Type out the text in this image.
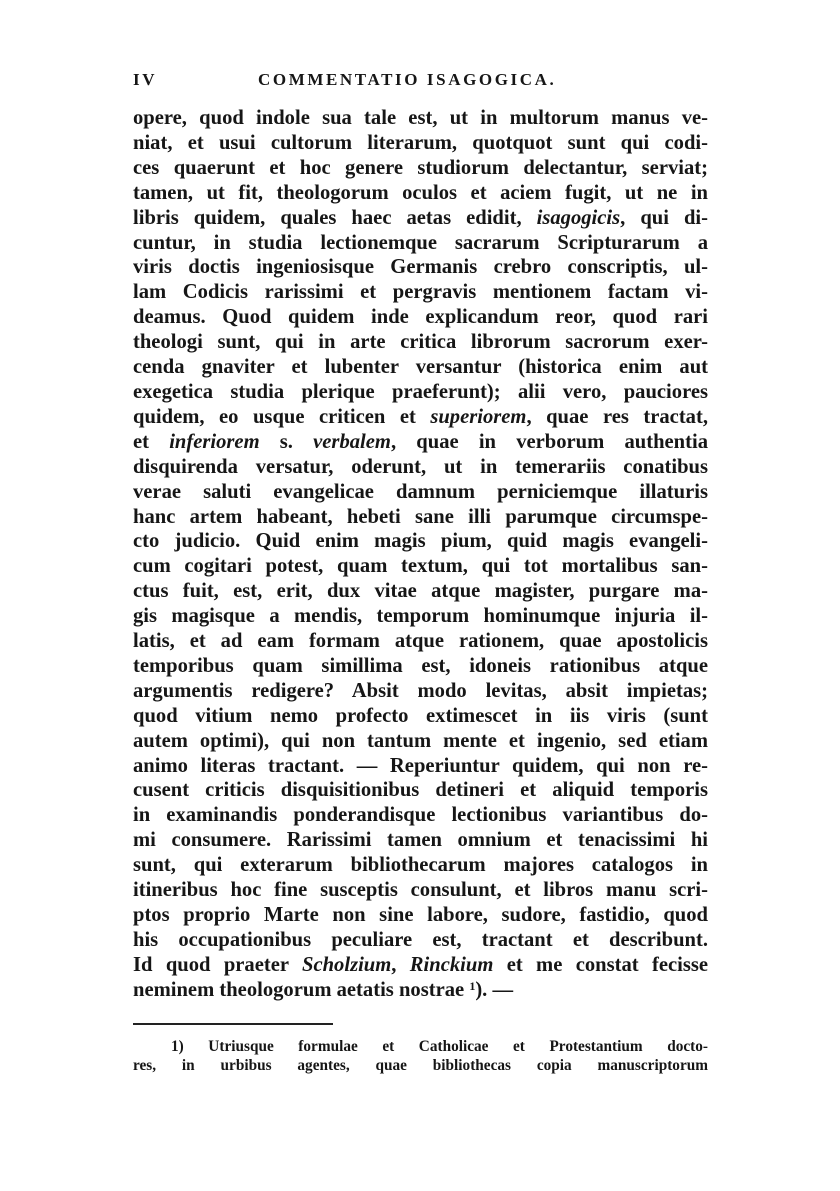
IV	COMMENTATIO ISAGOGICA.
opere, quod indole sua tale est, ut in multorum manus ve-
niat, et usui cultorum literarum, quotquot sunt qui codi-
ces quaerunt et hoc genere studiorum delectantur, serviat;
tamen, ut fit, theologorum oculos et aciem fugit, ut ne in
libris quidem, quales haec aetas edidit, isagogicis, qui di-
cuntur, in studia lectionemque sacrarum Scripturarum a
viris doctis ingeniosisque Germanis crebro conscriptis, ul-
lam Codicis rarissimi et pergravis mentionem factam vi-
deamus. Quod quidem inde explicandum reor, quod rari
theologi sunt, qui in arte critica librorum sacrorum exer-
cenda gnaviter et lubenter versantur (historica enim aut
exegetica studia plerique praeferunt); alii vero, pauciores
quidem, eo usque criticen et superiorem, quae res tractat,
et inferiorem s. verbalem, quae in verborum authentia
disquirenda versatur, oderunt, ut in temerariis conatibus
verae saluti evangelicae damnum perniciemque illaturis
hanc artem habeant, hebeti sane illi parumque circumspe-
cto judicio. Quid enim magis pium, quid magis evangeli-
cum cogitari potest, quam textum, qui tot mortalibus san-
ctus fuit, est, erit, dux vitae atque magister, purgare ma-
gis magisque a mendis, temporum hominumque injuria il-
latis, et ad eam formam atque rationem, quae apostolicis
temporibus quam simillima est, idoneis rationibus atque
argumentis redigere? Absit modo levitas, absit impietas;
quod vitium nemo profecto extimescet in iis viris (sunt
autem optimi), qui non tantum mente et ingenio, sed etiam
animo literas tractant. — Reperiuntur quidem, qui non re-
cusent criticis disquisitionibus detineri et aliquid temporis
in examinandis ponderandisque lectionibus variantibus do-
mi consumere. Rarissimi tamen omnium et tenacissimi hi
sunt, qui exterarum bibliothecarum majores catalogos in
itineribus hoc fine susceptis consulunt, et libros manu scri-
ptos proprio Marte non sine labore, sudore, fastidio, quod
his occupationibus peculiare est, tractant et describunt.
Id quod praeter Scholzium, Rinckium et me constat fecisse
neminem theologorum aetatis nostrae $^1$). —
1) Utriusque formulae et Catholicae et Protestantium docto-
res, in urbibus agentes, quae bibliothecas copia manuscriptorum
